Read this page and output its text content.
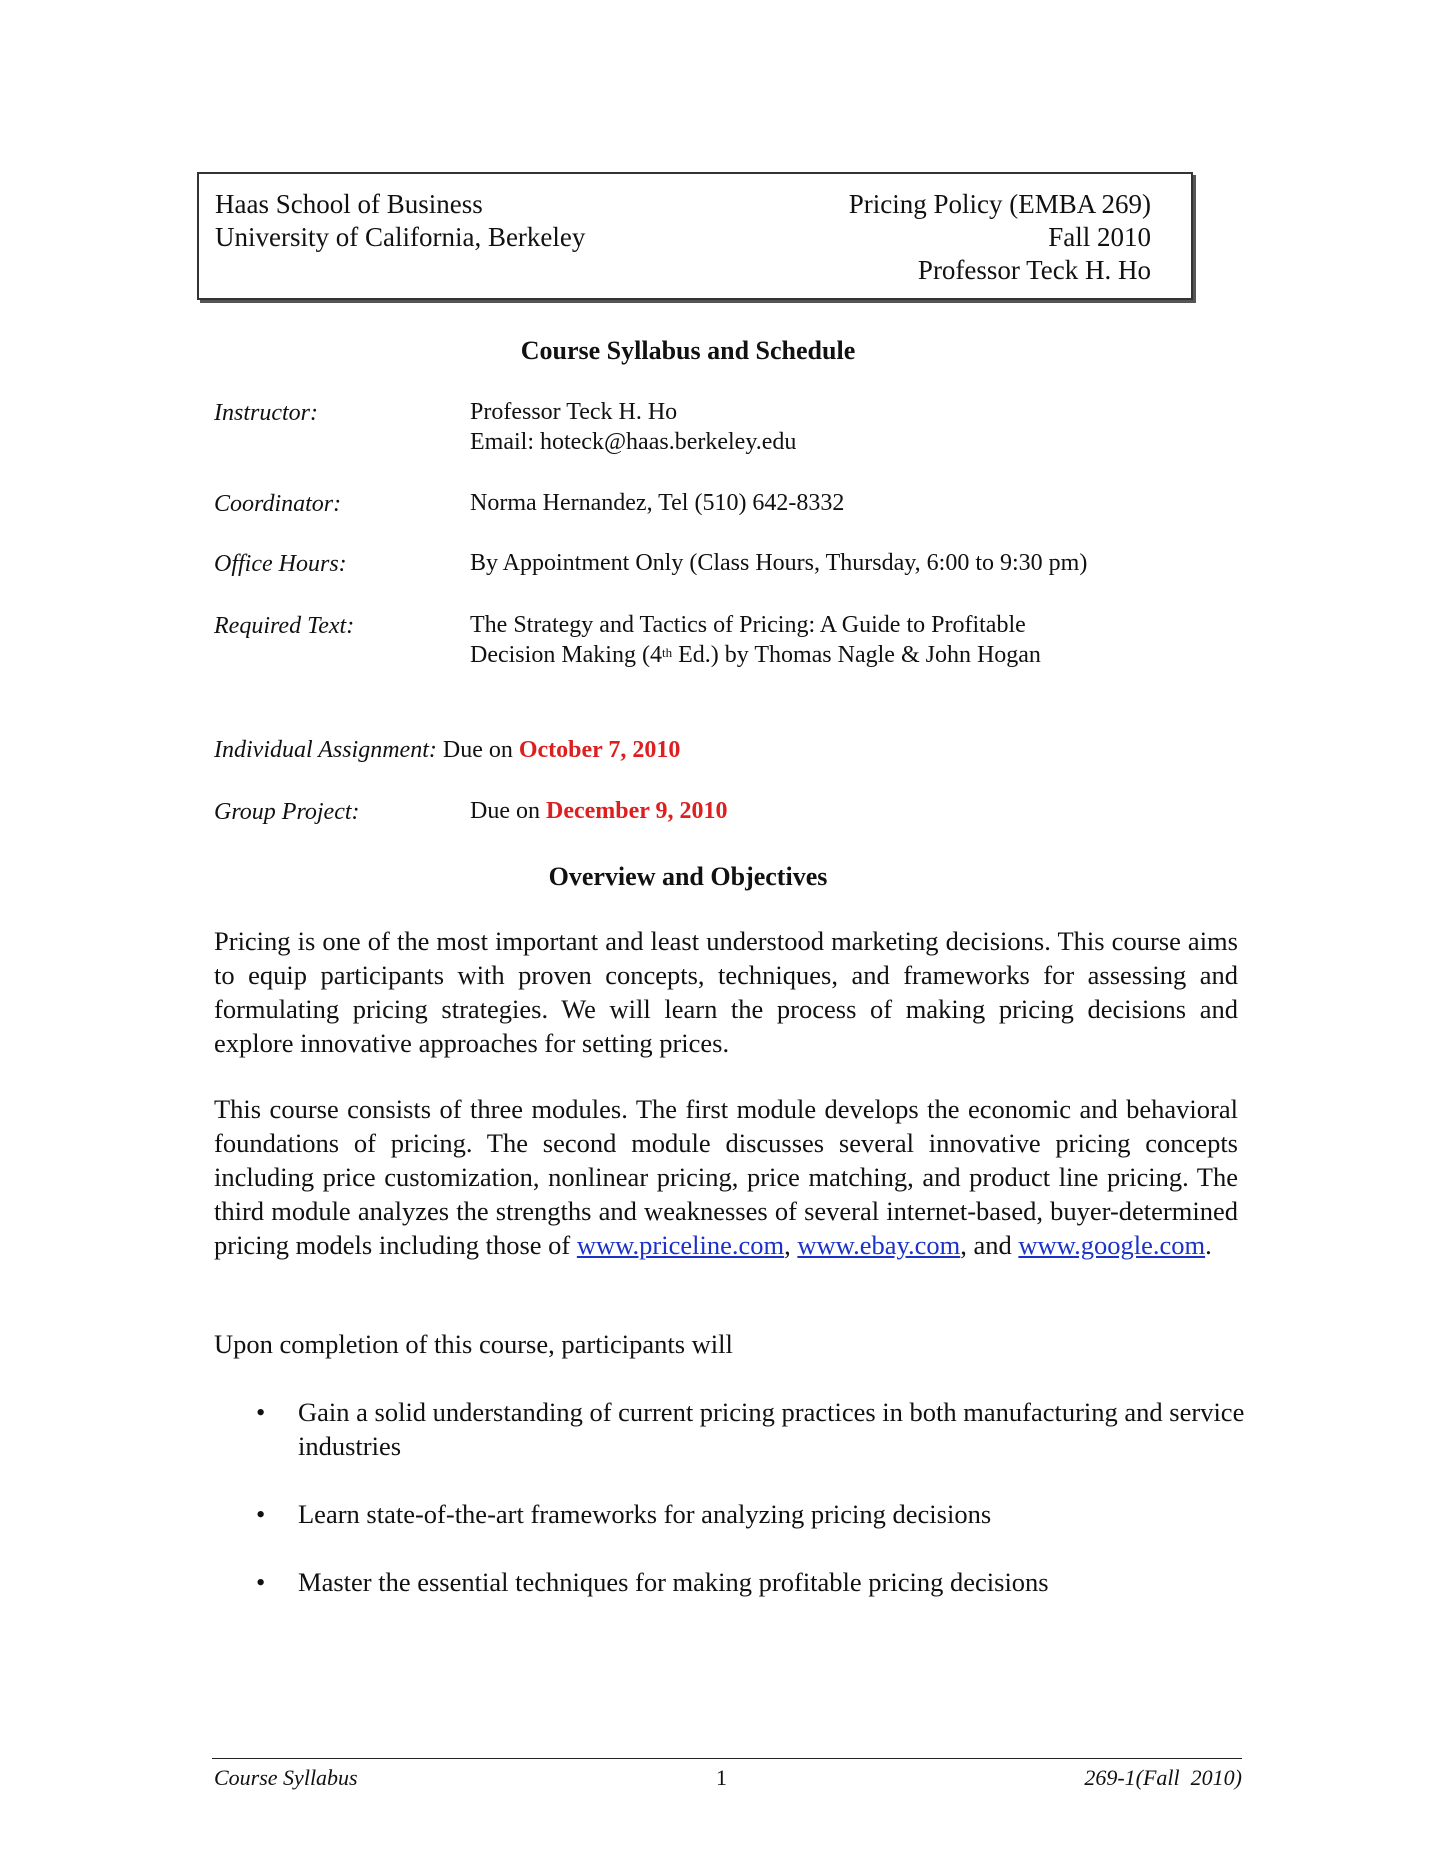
Haas School of Business
University of California, Berkeley
Pricing Policy (EMBA 269)
Fall 2010
Professor Teck H. Ho
Course Syllabus and Schedule
Instructor:	Professor Teck H. Ho
Email: hoteck@haas.berkeley.edu
Coordinator:	Norma Hernandez, Tel (510) 642-8332
Office Hours:	By Appointment Only (Class Hours, Thursday, 6:00 to 9:30 pm)
Required Text:	The Strategy and Tactics of Pricing: A Guide to Profitable
Decision Making (4th Ed.) by Thomas Nagle & John Hogan
Individual Assignment: Due on October 7, 2010
Group Project:	Due on December 9, 2010
Overview and Objectives
Pricing is one of the most important and least understood marketing decisions. This course aims to equip participants with proven concepts, techniques, and frameworks for assessing and formulating pricing strategies. We will learn the process of making pricing decisions and explore innovative approaches for setting prices.
This course consists of three modules. The first module develops the economic and behavioral foundations of pricing. The second module discusses several innovative pricing concepts including price customization, nonlinear pricing, price matching, and product line pricing. The third module analyzes the strengths and weaknesses of several internet-based, buyer-determined pricing models including those of www.priceline.com, www.ebay.com, and www.google.com.
Upon completion of this course, participants will
•	Gain a solid understanding of current pricing practices in both manufacturing and service industries
•	Learn state-of-the-art frameworks for analyzing pricing decisions
•	Master the essential techniques for making profitable pricing decisions
Course Syllabus	1	269-1(Fall  2010)
